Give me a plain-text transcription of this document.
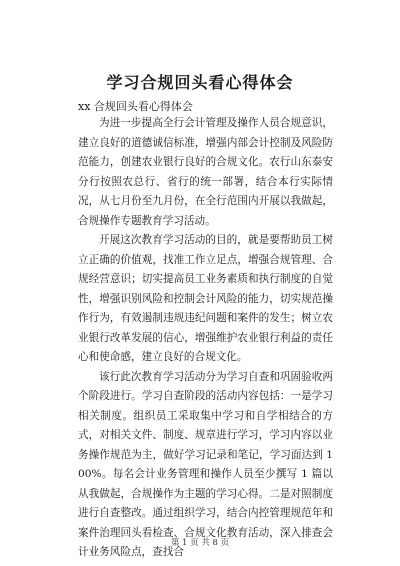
学习合规回头看心得体会
xx 合规回头看心得体会

为进一步提高全行会计管理及操作人员合规意识，建立良好的道德诚信标准，增强内部会计控制及风险防范能力，创建农业银行良好的合规文化。农行山东泰安分行按照农总行、省行的统一部署，结合本行实际情况，从七月份至九月份，在全行范围内开展以我做起，合规操作专题教育学习活动。

开展这次教育学习活动的目的，就是要帮助员工树立正确的价值观，找准工作立足点，增强合规管理、合规经营意识；切实提高员工业务素质和执行制度的自觉性，增强识别风险和控制会计风险的能力，切实规范操作行为，有效遏制违规违纪问题和案件的发生；树立农业银行改革发展的信心，增强维护农业银行利益的责任心和使命感，建立良好的合规文化。

该行此次教育学习活动分为学习自查和巩固验收两个阶段进行。学习自查阶段的活动内容包括：一是学习相关制度。组织员工采取集中学习和自学相结合的方式，对相关文件、制度、规章进行学习，学习内容以业务操作规范为主，做好学习记录和笔记，学习面达到 100%。每名会计业务管理和操作人员至少撰写 1 篇以从我做起，合规操作为主题的学习心得。二是对照制度进行自查整改。通过组织学习，结合内控管理规范年和案件治理回头看检查、合规文化教育活动，深入排查会计业务风险点，查找合

第 1 页 共 8 页
